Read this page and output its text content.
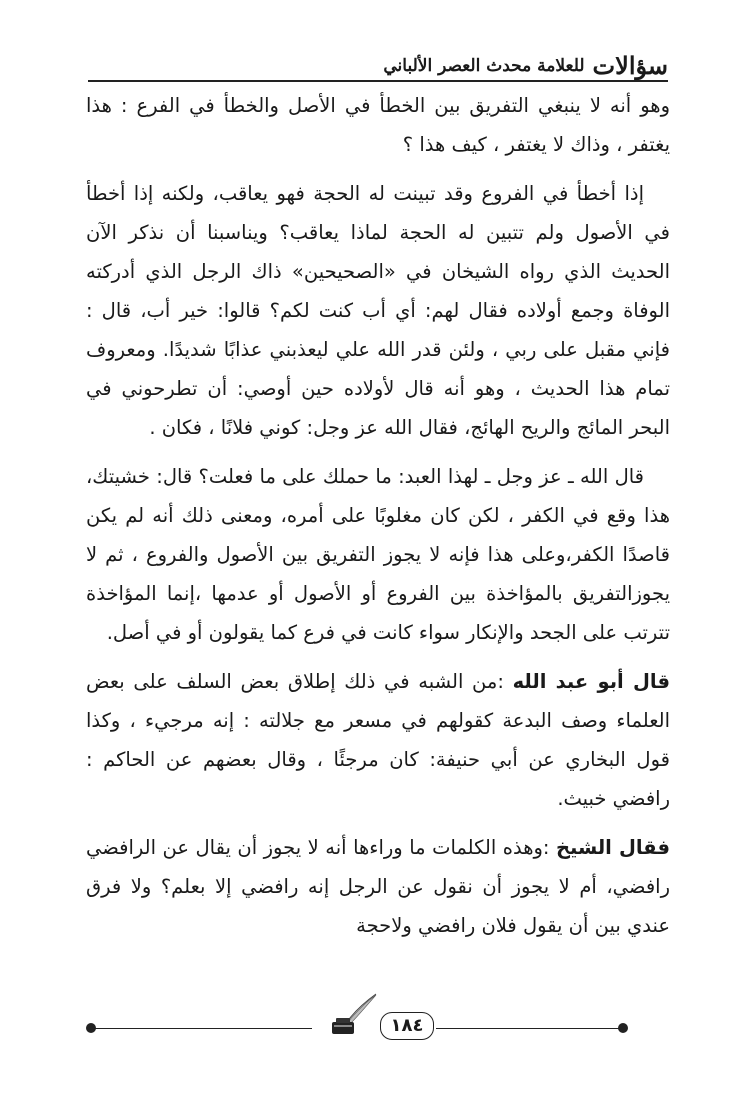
سؤالات
للعلامة محدث العصر الألباني

وهو أنه لا ينبغي التفريق بين الخطأ في الأصل والخطأ في الفرع : هذا يغتفر ، وذاك لا يغتفر ، كيف هذا ؟

إذا أخطأ في الفروع وقد تبينت له الحجة فهو يعاقب، ولكنه إذا أخطأ في الأصول ولم تتبين له الحجة لماذا يعاقب؟ ويناسبنا أن نذكر الآن الحديث الذي رواه الشيخان في «الصحيحين» ذاك الرجل الذي أدركته الوفاة وجمع أولاده فقال لهم: أي أب كنت لكم؟ قالوا: خير أب، قال : فإني مقبل على ربي ، ولئن قدر الله علي ليعذبني عذابًا شديدًا. ومعروف تمام هذا الحديث ، وهو أنه قال لأولاده حين أوصي: أن تطرحوني في البحر المائج والريح الهائج، فقال الله عز وجل: كوني فلانًا ، فكان .

قال الله ـ عز وجل ـ لهذا العبد: ما حملك على ما فعلت؟ قال: خشيتك، هذا وقع في الكفر ، لكن كان مغلوبًا على أمره، ومعنى ذلك أنه لم يكن قاصدًا الكفر،وعلى هذا فإنه لا يجوز التفريق بين الأصول والفروع ، ثم لا يجوزالتفريق بالمؤاخذة بين الفروع أو الأصول أو عدمها ،إنما المؤاخذة تترتب على الجحد والإنكار سواء كانت في فرع كما يقولون أو في أصل.

قال أبو عبد الله :من الشبه في ذلك إطلاق بعض السلف على بعض العلماء وصف البدعة كقولهم في مسعر مع جلالته : إنه مرجيء ، وكذا قول البخاري عن أبي حنيفة: كان مرجئًا ، وقال بعضهم عن الحاكم : رافضي خبيث.

فقال الشيخ :وهذه الكلمات ما وراءها أنه لا يجوز أن يقال عن الرافضي رافضي، أم لا يجوز أن نقول عن الرجل إنه رافضي إلا بعلم؟ ولا فرق عندي بين أن يقول فلان رافضي ولاحجة

١٨٤
